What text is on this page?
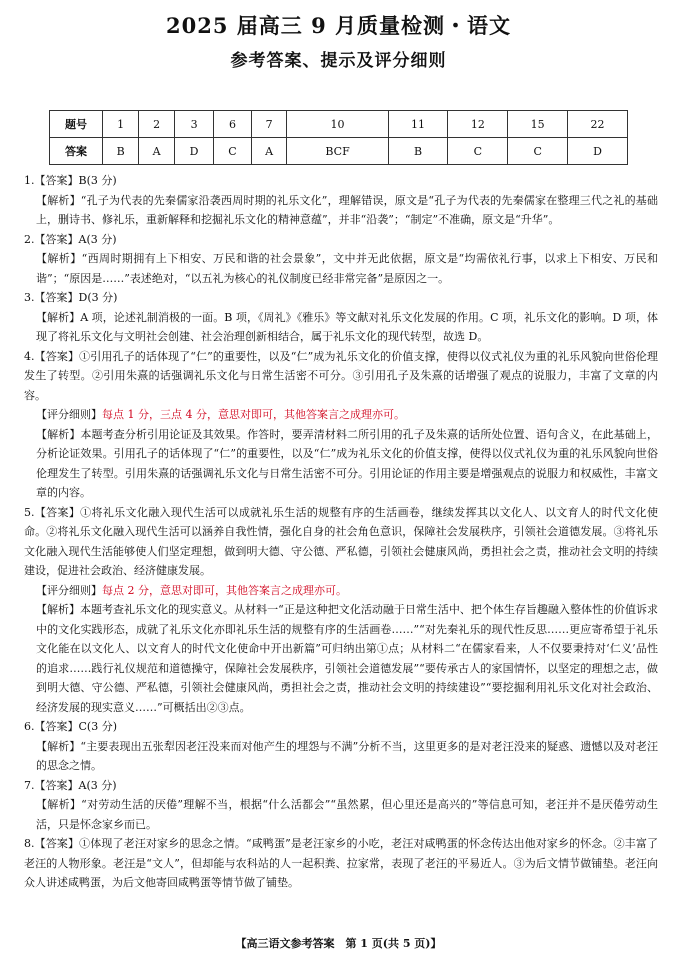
2025 届高三 9 月质量检测・语文
参考答案、提示及评分细则
题号	1	2	3	6	7	10	11	12	15	22
答案	B	A	D	C	A	BCF	B	C	C	D

1.【答案】B(3 分)

【解析】“孔子为代表的先秦儒家沿袭西周时期的礼乐文化”，理解错误，原文是“孔子为代表的先秦儒家在整理三代之礼的基础上，删诗书、修礼乐，重新解释和挖掘礼乐文化的精神意蕴”，并非“沿袭”；“制定”不准确，原文是“升华”。

2.【答案】A(3 分)

【解析】“西周时期拥有上下相安、万民和谐的社会景象”，文中并无此依据，原文是“均需依礼行事，以求上下相安、万民和谐”；“原因是……”表述绝对，“以五礼为核心的礼仪制度已经非常完备”是原因之一。

3.【答案】D(3 分)

【解析】A 项，论述礼制消极的一面。B 项，《周礼》《雅乐》等文献对礼乐文化发展的作用。C 项，礼乐文化的影响。D 项，体现了将礼乐文化与文明社会创建、社会治理创新相结合，属于礼乐文化的现代转型，故选 D。

4.【答案】①引用孔子的话体现了“仁”的重要性，以及“仁”成为礼乐文化的价值支撑，使得以仪式礼仪为重的礼乐风貌向世俗伦理发生了转型。②引用朱熹的话强调礼乐文化与日常生活密不可分。③引用孔子及朱熹的话增强了观点的说服力，丰富了文章的内容。

【评分细则】每点 1 分，三点 4 分，意思对即可，其他答案言之成理亦可。

【解析】本题考查分析引用论证及其效果。作答时，要弄清材料二所引用的孔子及朱熹的话所处位置、语句含义，在此基础上，分析论证效果。引用孔子的话体现了“仁”的重要性，以及“仁”成为礼乐文化的价值支撑，使得以仪式礼仪为重的礼乐风貌向世俗伦理发生了转型。引用朱熹的话强调礼乐文化与日常生活密不可分。引用论证的作用主要是增强观点的说服力和权威性，丰富文章的内容。

5.【答案】①将礼乐文化融入现代生活可以成就礼乐生活的规整有序的生活画卷，继续发挥其以文化人、以文育人的时代文化使命。②将礼乐文化融入现代生活可以涵养自我性情，强化自身的社会角色意识，保障社会发展秩序，引领社会道德发展。③将礼乐文化融入现代生活能够使人们坚定理想，做到明大德、守公德、严私德，引领社会健康风尚，勇担社会之责，推动社会文明的持续建设，促进社会政治、经济健康发展。

【评分细则】每点 2 分，意思对即可，其他答案言之成理亦可。

【解析】本题考查礼乐文化的现实意义。从材料一“正是这种把文化活动融于日常生活中、把个体生存旨趣融入整体性的价值诉求中的文化实践形态，成就了礼乐文化亦即礼乐生活的规整有序的生活画卷……”“对先秦礼乐的现代性反思……更应寄希望于礼乐文化能在以文化人、以文育人的时代文化使命中开出新篇”可归纳出第①点；从材料二“在儒家看来，人不仅要秉持对‘仁义’品性的追求……践行礼仪规范和道德操守，保障社会发展秩序，引领社会道德发展”“要传承古人的家国情怀，以坚定的理想之志，做到明大德、守公德、严私德，引领社会健康风尚，勇担社会之责，推动社会文明的持续建设”“要挖掘利用礼乐文化对社会政治、经济发展的现实意义……”可概括出②③点。

6.【答案】C(3 分)

【解析】“主要表现出五张犁因老汪没来而对他产生的埋怨与不满”分析不当，这里更多的是对老汪没来的疑惑、遗憾以及对老汪的思念之情。

7.【答案】A(3 分)

【解析】“对劳动生活的厌倦”理解不当，根据“什么活都会”“虽然累，但心里还是高兴的”等信息可知，老汪并不是厌倦劳动生活，只是怀念家乡而已。

8.【答案】①体现了老汪对家乡的思念之情。“咸鸭蛋”是老汪家乡的小吃，老汪对咸鸭蛋的怀念传达出他对家乡的怀念。②丰富了老汪的人物形象。老汪是“文人”，但却能与农科站的人一起积粪、拉家常，表现了老汪的平易近人。③为后文情节做铺垫。老汪向众人讲述咸鸭蛋，为后文他寄回咸鸭蛋等情节做了铺垫。

【高三语文参考答案　第 1 页(共 5 页)】
